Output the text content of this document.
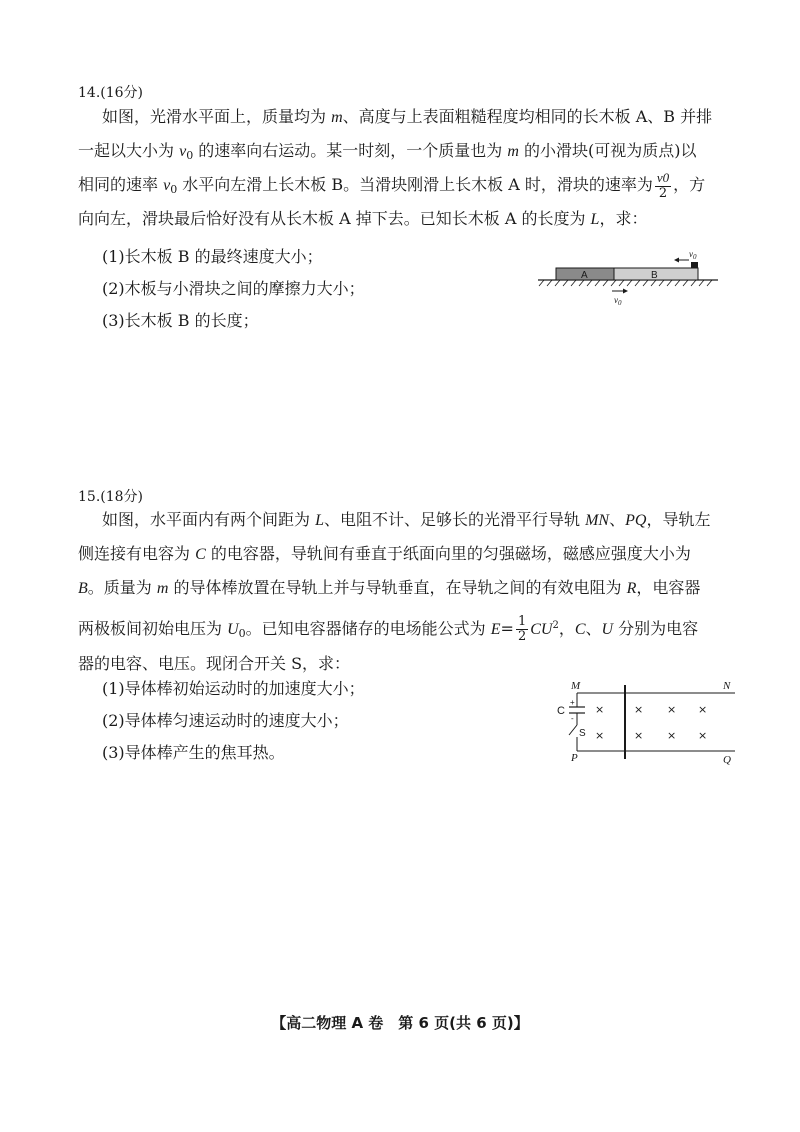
14.(16分)
如图，光滑水平面上，质量均为 m、高度与上表面粗糙程度均相同的长木板 A、B 并排
一起以大小为 $v_0$ 的速率向右运动。某一时刻，一个质量也为 m 的小滑块(可视为质点)以
相同的速率 $v_0$ 水平向左滑上长木板 B。当滑块刚滑上长木板 A 时，滑块的速率为 $\frac{v0}{2}$ ，方
向向左，滑块最后恰好没有从长木板 A 掉下去。已知长木板 A 的长度为 L，求：
(1)长木板 B 的最终速度大小；
(2)木板与小滑块之间的摩擦力大小；
(3)长木板 B 的长度；
A	B
$v_0$
$v_0$
15.(18分)
如图，水平面内有两个间距为 L、电阻不计、足够长的光滑平行导轨 MN、PQ，导轨左
侧连接有电容为 C 的电容器，导轨间有垂直于纸面向里的匀强磁场，磁感应强度大小为
B。质量为 m 的导体棒放置在导轨上并与导轨垂直，在导轨之间的有效电阻为 R，电容器
两极板间初始电压为 $U_0$。已知电容器储存的电场能公式为 $E= \frac{1}{2} CU^2$，C、U 分别为电容
器的电容、电压。现闭合开关 S，求：
(1)导体棒初始运动时的加速度大小；
(2)导体棒匀速运动时的速度大小；
(3)导体棒产生的焦耳热。
M	N
P	Q
+
-
C
S
×
×
×
×
×
×
×
×
【高二物理 A 卷　第 6 页(共 6 页)】
